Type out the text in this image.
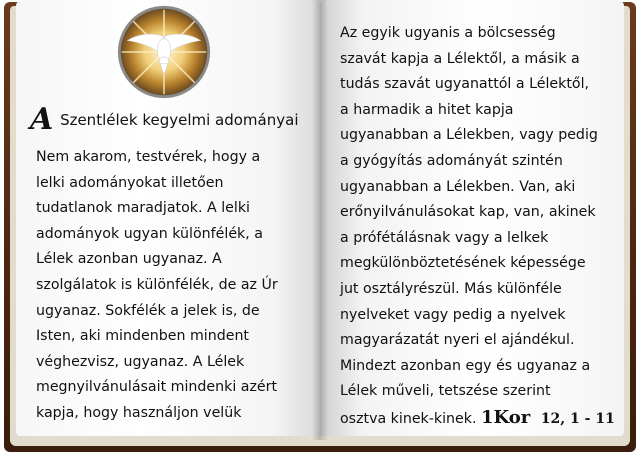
A Szentlélek kegyelmi adományai
Nem akarom, testvérek, hogy a
lelki adományokat illetően
tudatlanok maradjatok. A lelki
adományok ugyan különfélék, a
Lélek azonban ugyanaz. A
szolgálatok is különfélék, de az Úr
ugyanaz. Sokfélék a jelek is, de
Isten, aki mindenben mindent
véghezvisz, ugyanaz. A Lélek
megnyilvánulásait mindenki azért
kapja, hogy használjon velük
Az egyik ugyanis a bölcsesség
szavát kapja a Lélektől, a másik a
tudás szavát ugyanattól a Lélektől,
a harmadik a hitet kapja
ugyanabban a Lélekben, vagy pedig
a gyógyítás adományát szintén
ugyanabban a Lélekben. Van, aki
erőnyilvánulásokat kap, van, akinek
a prófétálásnak vagy a lelkek
megkülönböztetésének képessége
jut osztályrészül. Más különféle
nyelveket vagy pedig a nyelvek
magyarázatát nyeri el ajándékul.
Mindezt azonban egy és ugyanaz a
Lélek műveli, tetszése szerint
osztva kinek-kinek. 1Kor 12, 1 - 11
